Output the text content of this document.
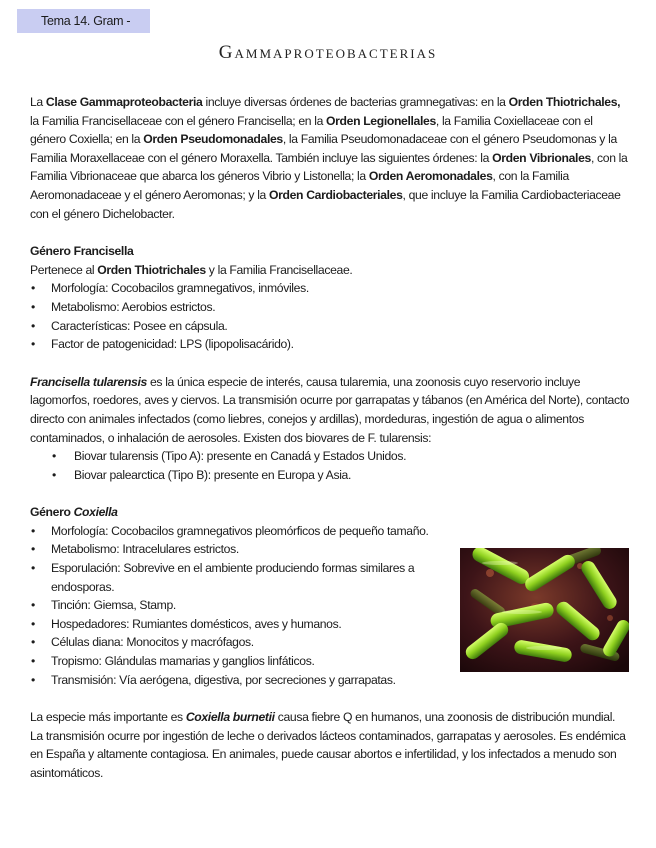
Tema 14. Gram -
Gammaproteobacterias

La Clase Gammaproteobacteria incluye diversas órdenes de bacterias gramnegativas: en la Orden Thiotrichales, la Familia Francisellaceae con el género Francisella; en la Orden Legionellales, la Familia Coxiellaceae con el género Coxiella; en la Orden Pseudomonadales, la Familia Pseudomonadaceae con el género Pseudomonas y la Familia Moraxellaceae con el género Moraxella. También incluye las siguientes órdenes: la Orden Vibrionales, con la Familia Vibrionaceae que abarca los géneros Vibrio y Listonella; la Orden Aeromonadales, con la Familia Aeromonadaceae y el género Aeromonas; y la Orden Cardiobacteriales, que incluye la Familia Cardiobacteriaceae con el género Dichelobacter.

Género Francisella

Pertenece al Orden Thiotrichales y la Familia Francisellaceae.

• Morfología: Cocobacilos gramnegativos, inmóviles.
• Metabolismo: Aerobios estrictos.
• Características: Posee en cápsula.
• Factor de patogenicidad: LPS (lipopolisacárido).

Francisella tularensis es la única especie de interés, causa tularemia, una zoonosis cuyo reservorio incluye lagomorfos, roedores, aves y ciervos. La transmisión ocurre por garrapatas y tábanos (en América del Norte), contacto directo con animales infectados (como liebres, conejos y ardillas), mordeduras, ingestión de agua o alimentos contaminados, o inhalación de aerosoles. Existen dos biovares de F. tularensis:

• Biovar tularensis (Tipo A): presente en Canadá y Estados Unidos.
• Biovar palearctica (Tipo B): presente en Europa y Asia.
Género Coxiella
• Morfología: Cocobacilos gramnegativos pleomórficos de pequeño tamaño.
• Metabolismo: Intracelulares estrictos.
• Esporulación: Sobrevive en el ambiente produciendo formas similares a endosporas.
• Tinción: Giemsa, Stamp.
• Hospedadores: Rumiantes domésticos, aves y humanos.
• Células diana: Monocitos y macrófagos.
• Tropismo: Glándulas mamarias y ganglios linfáticos.
• Transmisión: Vía aerógena, digestiva, por secreciones y garrapatas.

La especie más importante es Coxiella burnetii causa fiebre Q en humanos, una zoonosis de distribución mundial. La transmisión ocurre por ingestión de leche o derivados lácteos contaminados, garrapatas y aerosoles. Es endémica en España y altamente contagiosa. En animales, puede causar abortos e infertilidad, y los infectados a menudo son asintomáticos.
